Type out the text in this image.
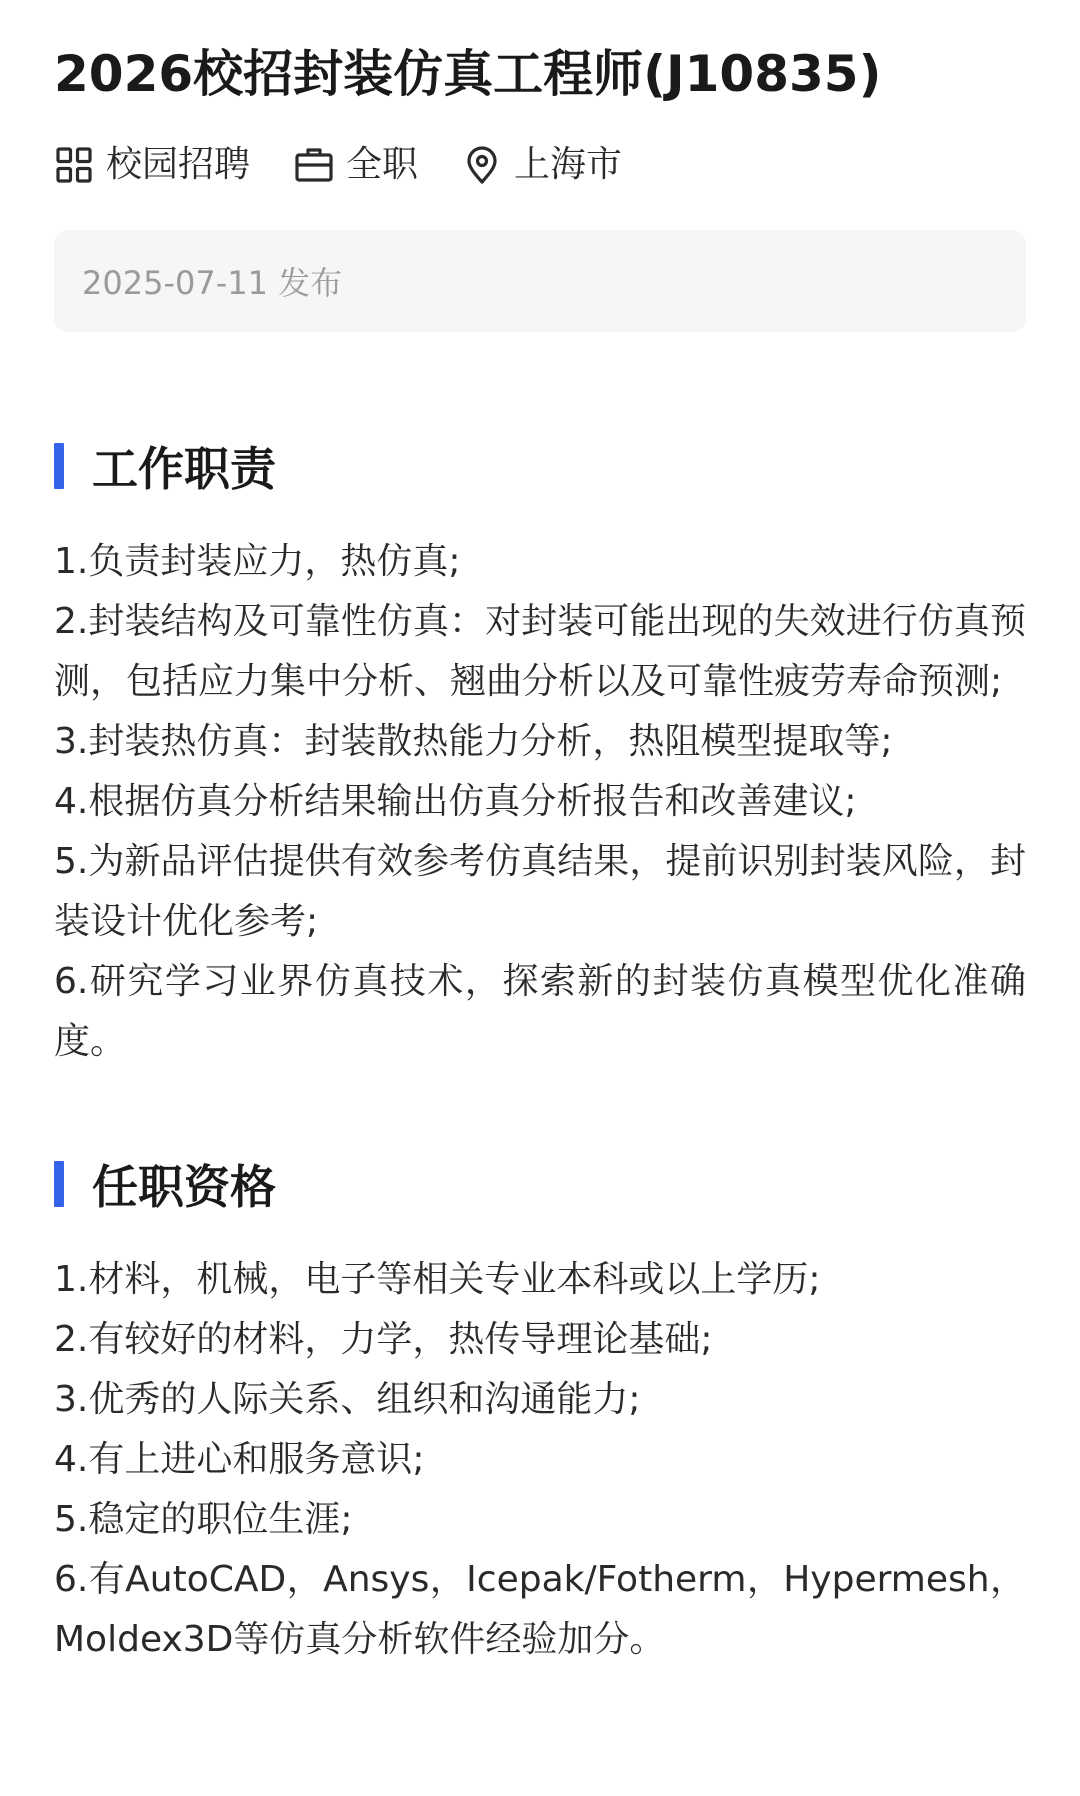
2026校招封装仿真工程师(J10835)
校园招聘	全职	上海市
2025-07-11 发布
工作职责
1.负责封装应力，热仿真;
2.封装结构及可靠性仿真：对封装可能出现的失效进行仿真预测，包括应力集中分析、翘曲分析以及可靠性疲劳寿命预测;
3.封装热仿真：封装散热能力分析，热阻模型提取等;
4.根据仿真分析结果输出仿真分析报告和改善建议;
5.为新品评估提供有效参考仿真结果，提前识别封装风险，封装设计优化参考;
6.研究学习业界仿真技术，探索新的封装仿真模型优化准确度。
任职资格
1.材料，机械，电子等相关专业本科或以上学历;
2.有较好的材料，力学，热传导理论基础;
3.优秀的人际关系、组织和沟通能力;
4.有上进心和服务意识;
5.稳定的职位生涯;
6.有AutoCAD，Ansys，Icepak/Fotherm，Hypermesh，Moldex3D等仿真分析软件经验加分。
